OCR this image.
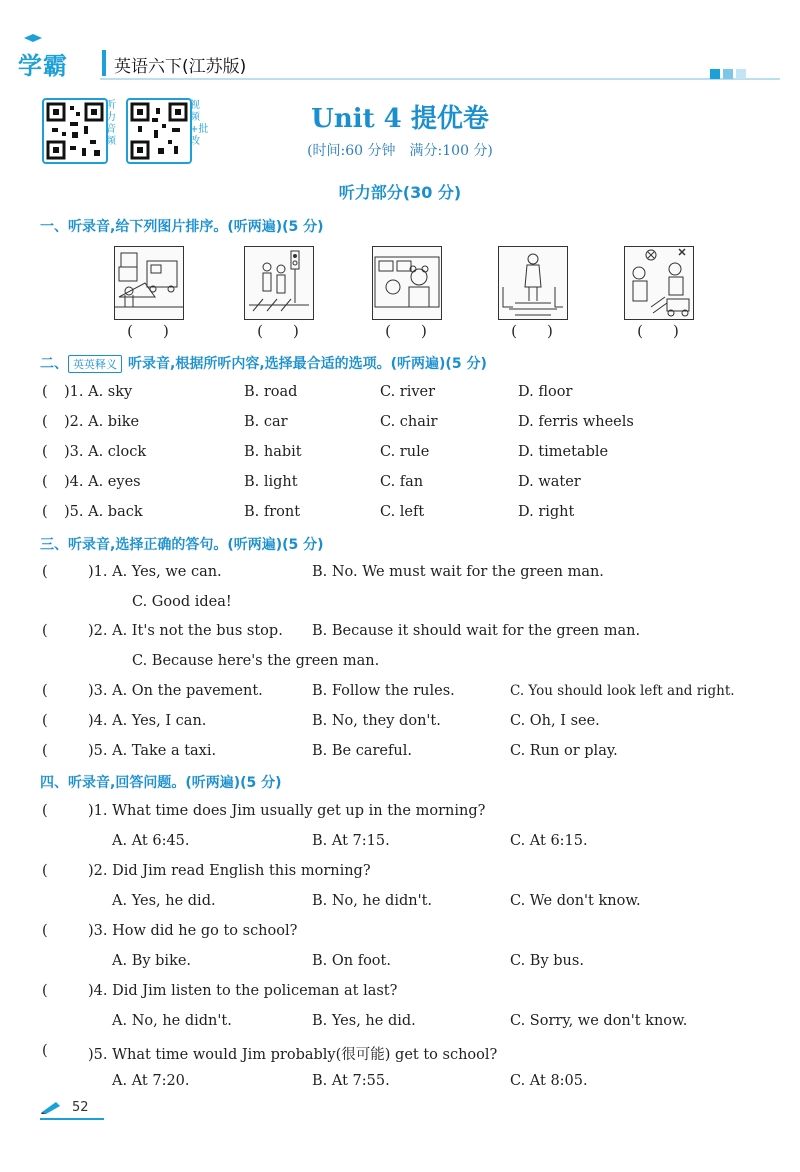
学霸	英语六下(江苏版)
听力音频
视频+批改
Unit 4 提优卷
(时间:60 分钟　满分:100 分)
听力部分(30 分)
一、听录音,给下列图片排序。(听两遍)(5 分)
(　　)	(　　)	(　　)	(　　)	(　　)
二、 英英释义 听录音,根据所听内容,选择最合适的选项。(听两遍)(5 分)
( )1. A. sky	B. road	C. river	D. floor
( )2. A. bike	B. car	C. chair	D. ferris wheels
( )3. A. clock	B. habit	C. rule	D. timetable
( )4. A. eyes	B. light	C. fan	D. water
( )5. A. back	B. front	C. left	D. right
三、听录音,选择正确的答句。(听两遍)(5 分)
(	)1. A. Yes, we can.	B. No. We must wait for the green man.
C. Good idea!
(	)2. A. It's not the bus stop. B. Because it should wait for the green man.
C. Because here's the green man.
(	)3. A. On the pavement.	B. Follow the rules.	C. You should look left and right.
(	)4. A. Yes, I can.	B. No, they don't.	C. Oh, I see.
(	)5. A. Take a taxi.	B. Be careful.	C. Run or play.
四、听录音,回答问题。(听两遍)(5 分)
(	)1. What time does Jim usually get up in the morning?
A. At 6:45.	B. At 7:15.	C. At 6:15.
(	)2. Did Jim read English this morning?
A. Yes, he did.	B. No, he didn't.	C. We don't know.
(	)3. How did he go to school?
A. By bike.	B. On foot.	C. By bus.
(	)4. Did Jim listen to the policeman at last?
A. No, he didn't.	B. Yes, he did.	C. Sorry, we don't know.
(	)5. What time would Jim probably(很可能) get to school?
A. At 7:20.	B. At 7:55.	C. At 8:05.
52
